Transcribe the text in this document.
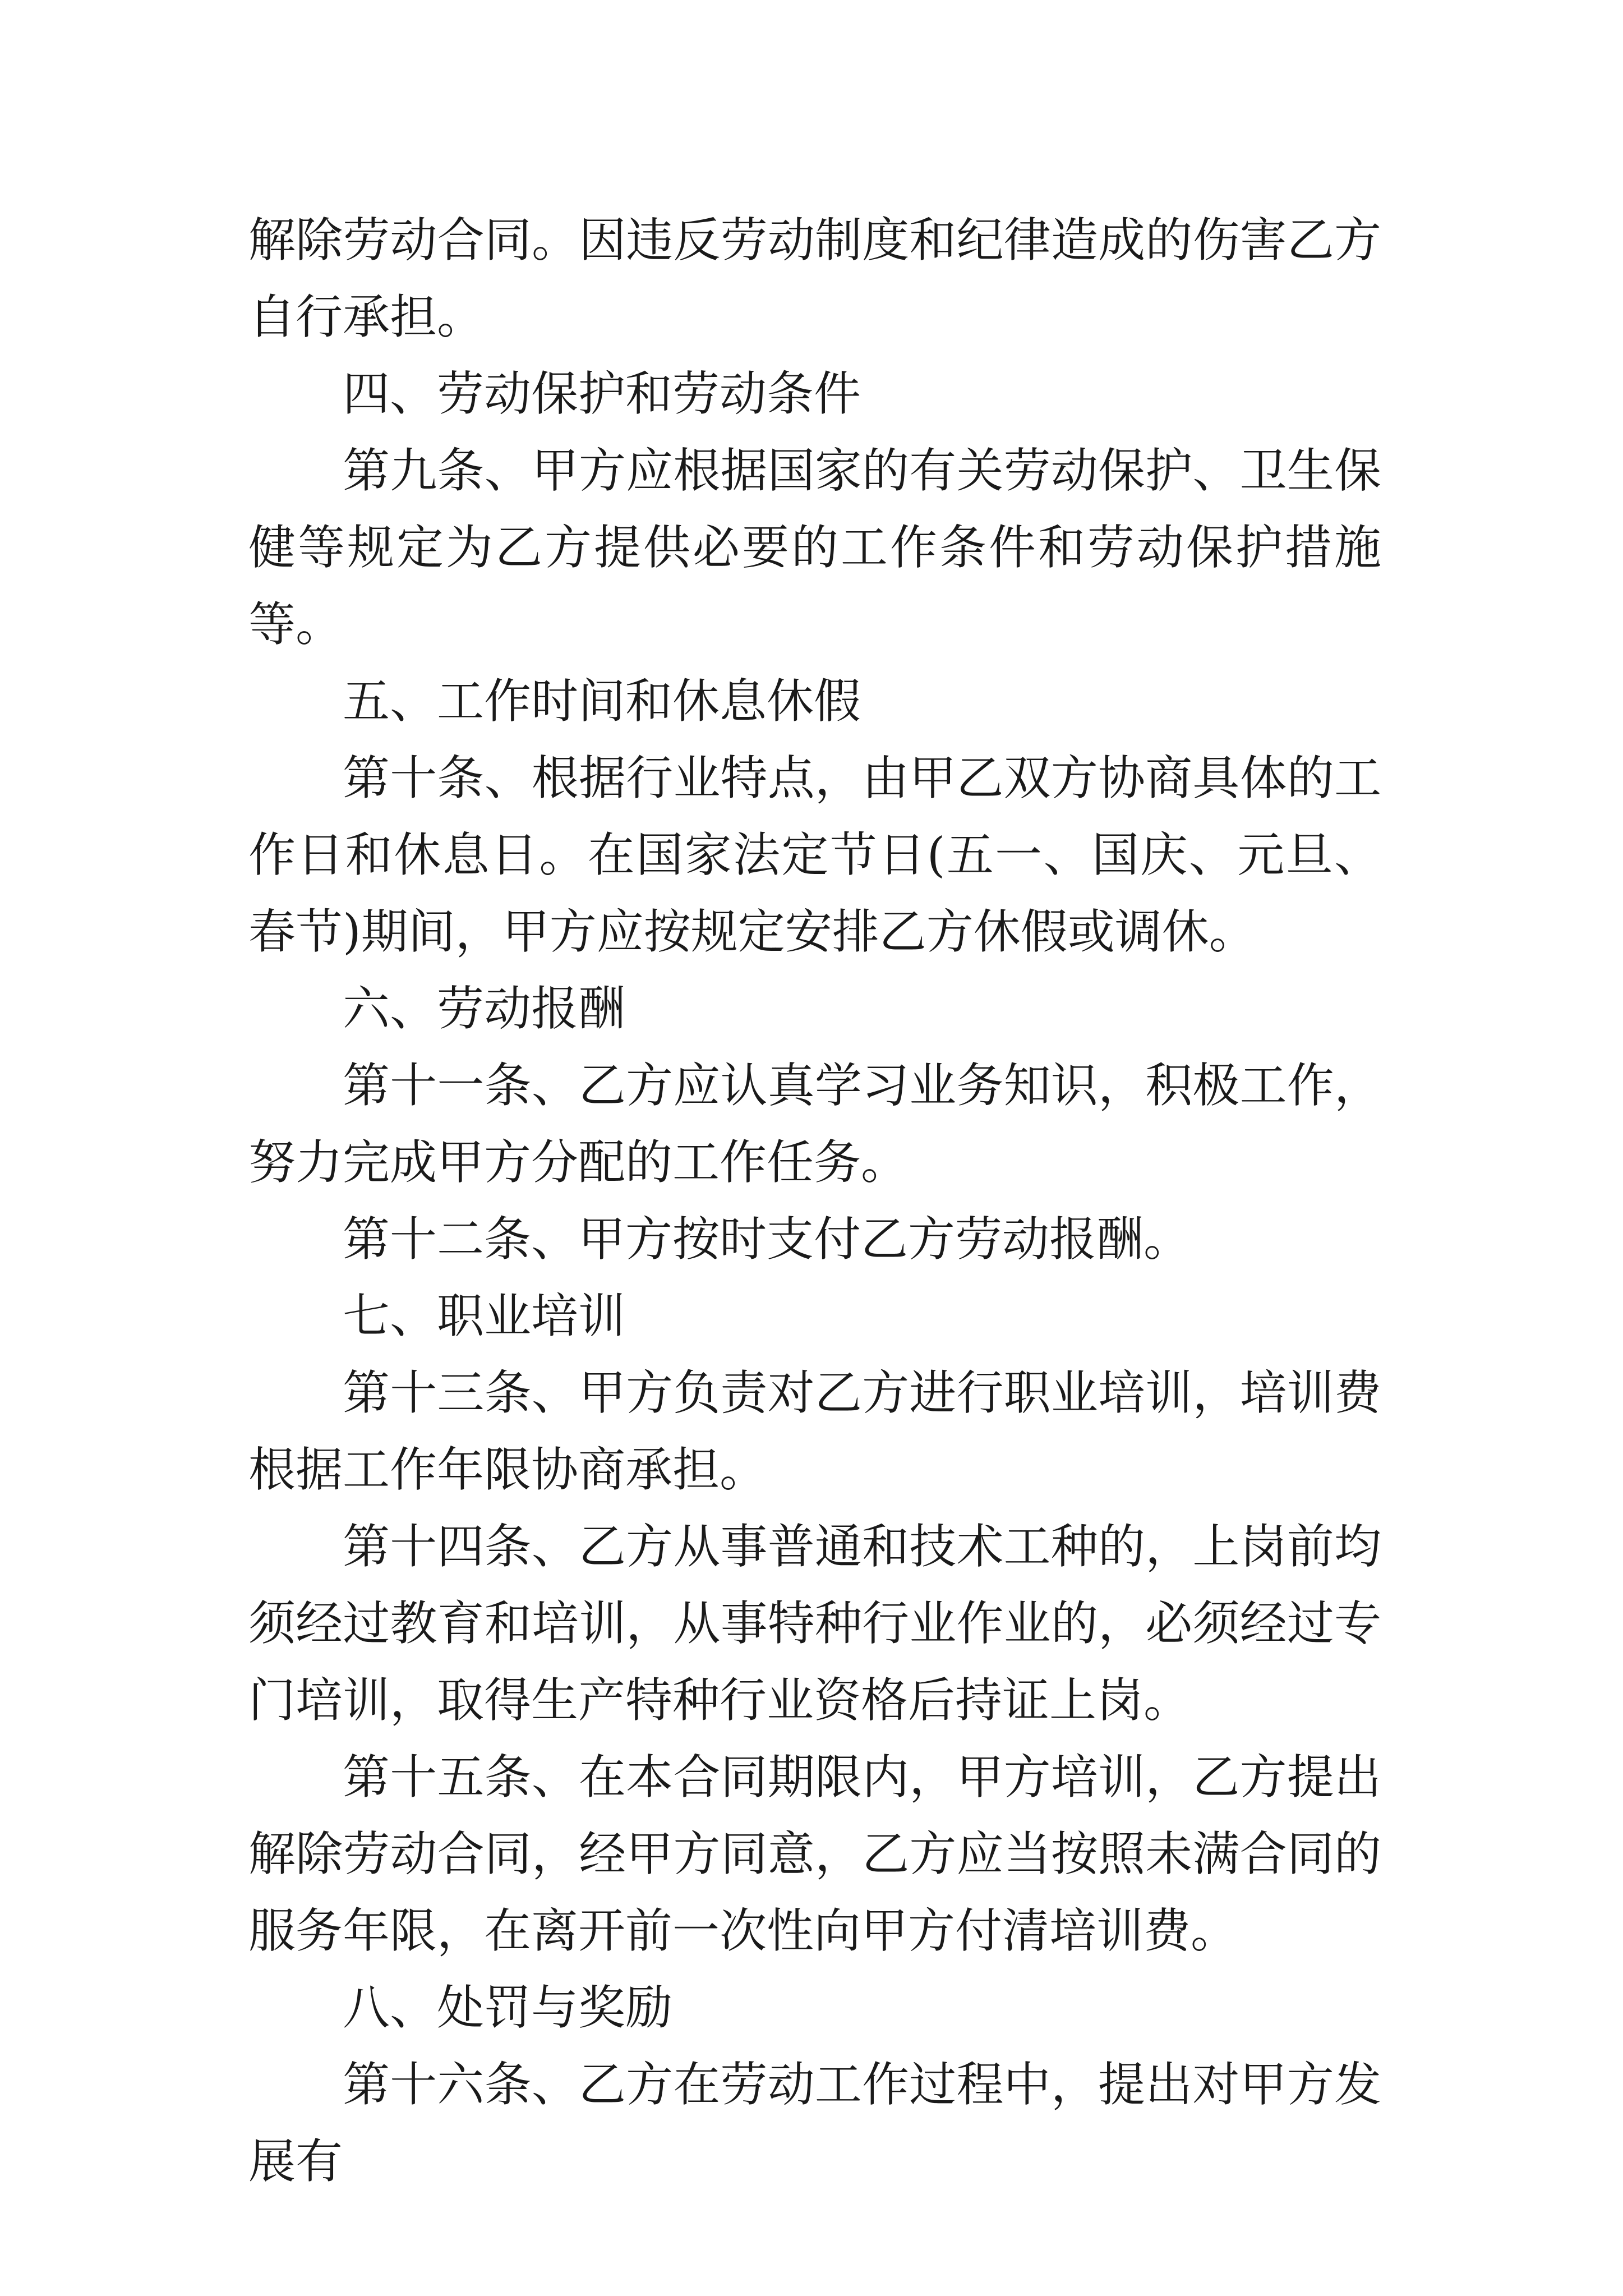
解除劳动合同。因违反劳动制度和纪律造成的伤害乙方自行承担。

四、劳动保护和劳动条件

第九条、甲方应根据国家的有关劳动保护、卫生保健等规定为乙方提供必要的工作条件和劳动保护措施等。

五、工作时间和休息休假

第十条、根据行业特点，由甲乙双方协商具体的工作日和休息日。在国家法定节日(五一、国庆、元旦、春节)期间，甲方应按规定安排乙方休假或调休。

六、劳动报酬

第十一条、乙方应认真学习业务知识，积极工作，努力完成甲方分配的工作任务。

第十二条、甲方按时支付乙方劳动报酬。

七、职业培训

第十三条、甲方负责对乙方进行职业培训，培训费根据工作年限协商承担。

第十四条、乙方从事普通和技术工种的，上岗前均须经过教育和培训，从事特种行业作业的，必须经过专门培训，取得生产特种行业资格后持证上岗。

第十五条、在本合同期限内，甲方培训，乙方提出解除劳动合同，经甲方同意，乙方应当按照未满合同的服务年限，在离开前一次性向甲方付清培训费。

八、处罚与奖励

第十六条、乙方在劳动工作过程中，提出对甲方发展有
